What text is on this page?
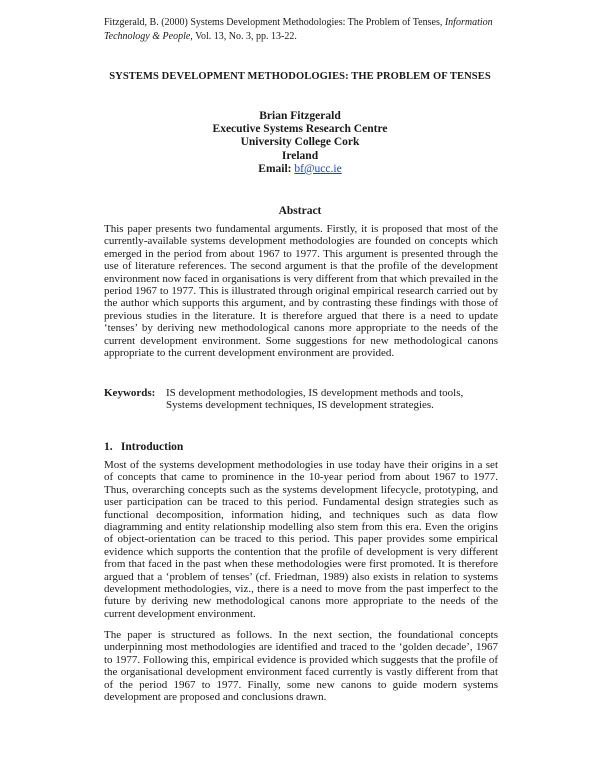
Fitzgerald, B. (2000) Systems Development Methodologies: The Problem of Tenses, Information Technology & People, Vol. 13, No. 3, pp. 13-22.
SYSTEMS DEVELOPMENT METHODOLOGIES: THE PROBLEM OF TENSES
Brian Fitzgerald
Executive Systems Research Centre
University College Cork
Ireland
Email: bf@ucc.ie
Abstract
This paper presents two fundamental arguments. Firstly, it is proposed that most of the currently-available systems development methodologies are founded on concepts which emerged in the period from about 1967 to 1977. This argument is presented through the use of literature references. The second argument is that the profile of the development environment now faced in organisations is very different from that which prevailed in the period 1967 to 1977. This is illustrated through original empirical research carried out by the author which supports this argument, and by contrasting these findings with those of previous studies in the literature. It is therefore argued that there is a need to update ‘tenses’ by deriving new methodological canons more appropriate to the needs of the current development environment. Some suggestions for new methodological canons appropriate to the current development environment are provided.
Keywords: IS development methodologies, IS development methods and tools, Systems development techniques, IS development strategies.
1. Introduction
Most of the systems development methodologies in use today have their origins in a set of concepts that came to prominence in the 10-year period from about 1967 to 1977. Thus, overarching concepts such as the systems development lifecycle, prototyping, and user participation can be traced to this period. Fundamental design strategies such as functional decomposition, information hiding, and techniques such as data flow diagramming and entity relationship modelling also stem from this era. Even the origins of object-orientation can be traced to this period. This paper provides some empirical evidence which supports the contention that the profile of development is very different from that faced in the past when these methodologies were first promoted. It is therefore argued that a ‘problem of tenses’ (cf. Friedman, 1989) also exists in relation to systems development methodologies, viz., there is a need to move from the past imperfect to the future by deriving new methodological canons more appropriate to the needs of the current development environment.
The paper is structured as follows. In the next section, the foundational concepts underpinning most methodologies are identified and traced to the ‘golden decade’, 1967 to 1977. Following this, empirical evidence is provided which suggests that the profile of the organisational development environment faced currently is vastly different from that of the period 1967 to 1977. Finally, some new canons to guide modern systems development are proposed and conclusions drawn.
